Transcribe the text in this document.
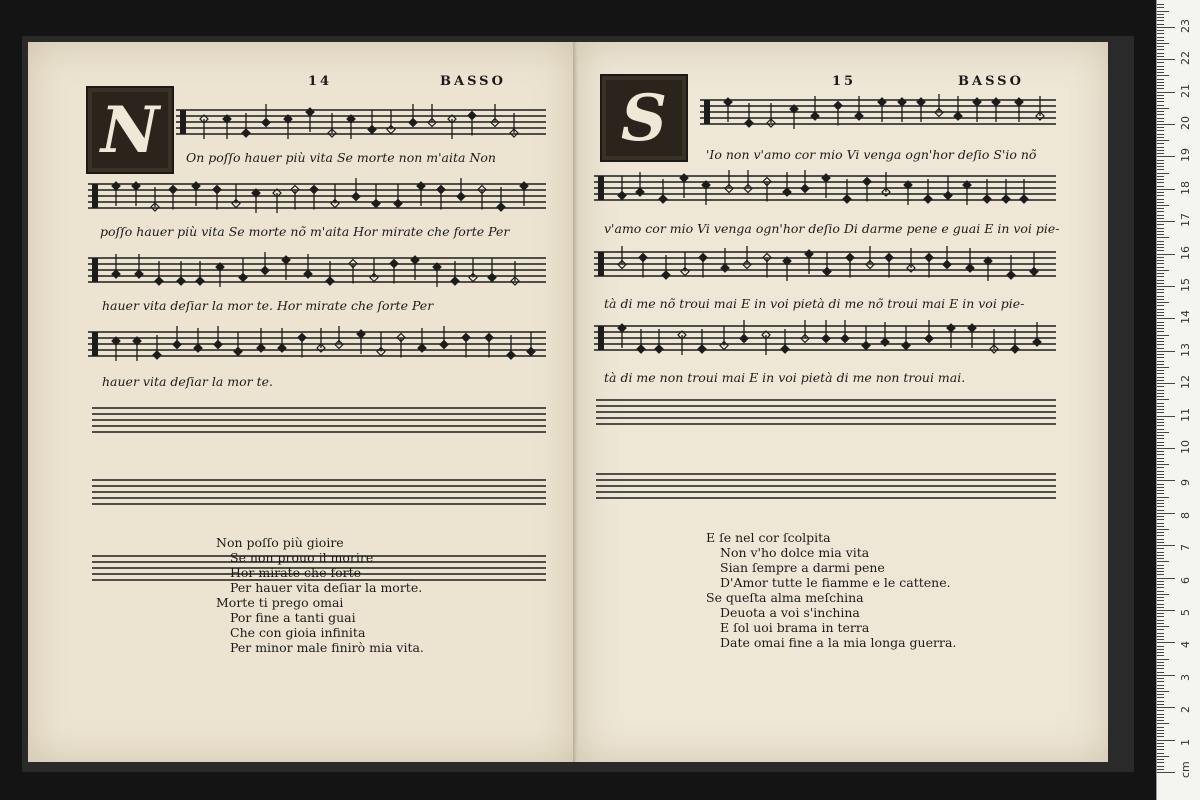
14	BASSO	15	BASSO
N	S
On poſſo hauer più vita Se morte non m'aita Non
poſſo hauer più vita Se morte nõ m'aita Hor mirate che forte Per
hauer vita deſiar la mor te. Hor mirate che ſorte Per
hauer vita deſiar la mor te.
'Io non v'amo cor mio Vi venga ogn'hor deſio S'io nõ
v'amo cor mio Vi venga ogn'hor deſio Di darme pene e guai E in voi pie-
tà di me nõ troui mai E in voi pietà di me nõ troui mai E in voi pie-
tà di me non troui mai E in voi pietà di me non troui mai.
Non poſſo più gioire
Se non prouo il morire
Hor mirate che forte
Per hauer vita deſiar la morte.
Morte ti prego omai
Por fine a tanti guai
Che con gioia infinita
Per minor male finirò mia vita.
E ſe nel cor ſcolpita
Non v'ho dolce mia vita
Sian ſempre a darmi pene
D'Amor tutte le fiamme e le cattene.
Se queſta alma meſchina
Deuota a voi s'inchina
E ſol uoi brama in terra
Date omai fine a la mia longa guerra.
cm
1
2
3
4
5
6
7
8
9
10
11
12
13
14
15
16
17
18
19
20
21
22
23
